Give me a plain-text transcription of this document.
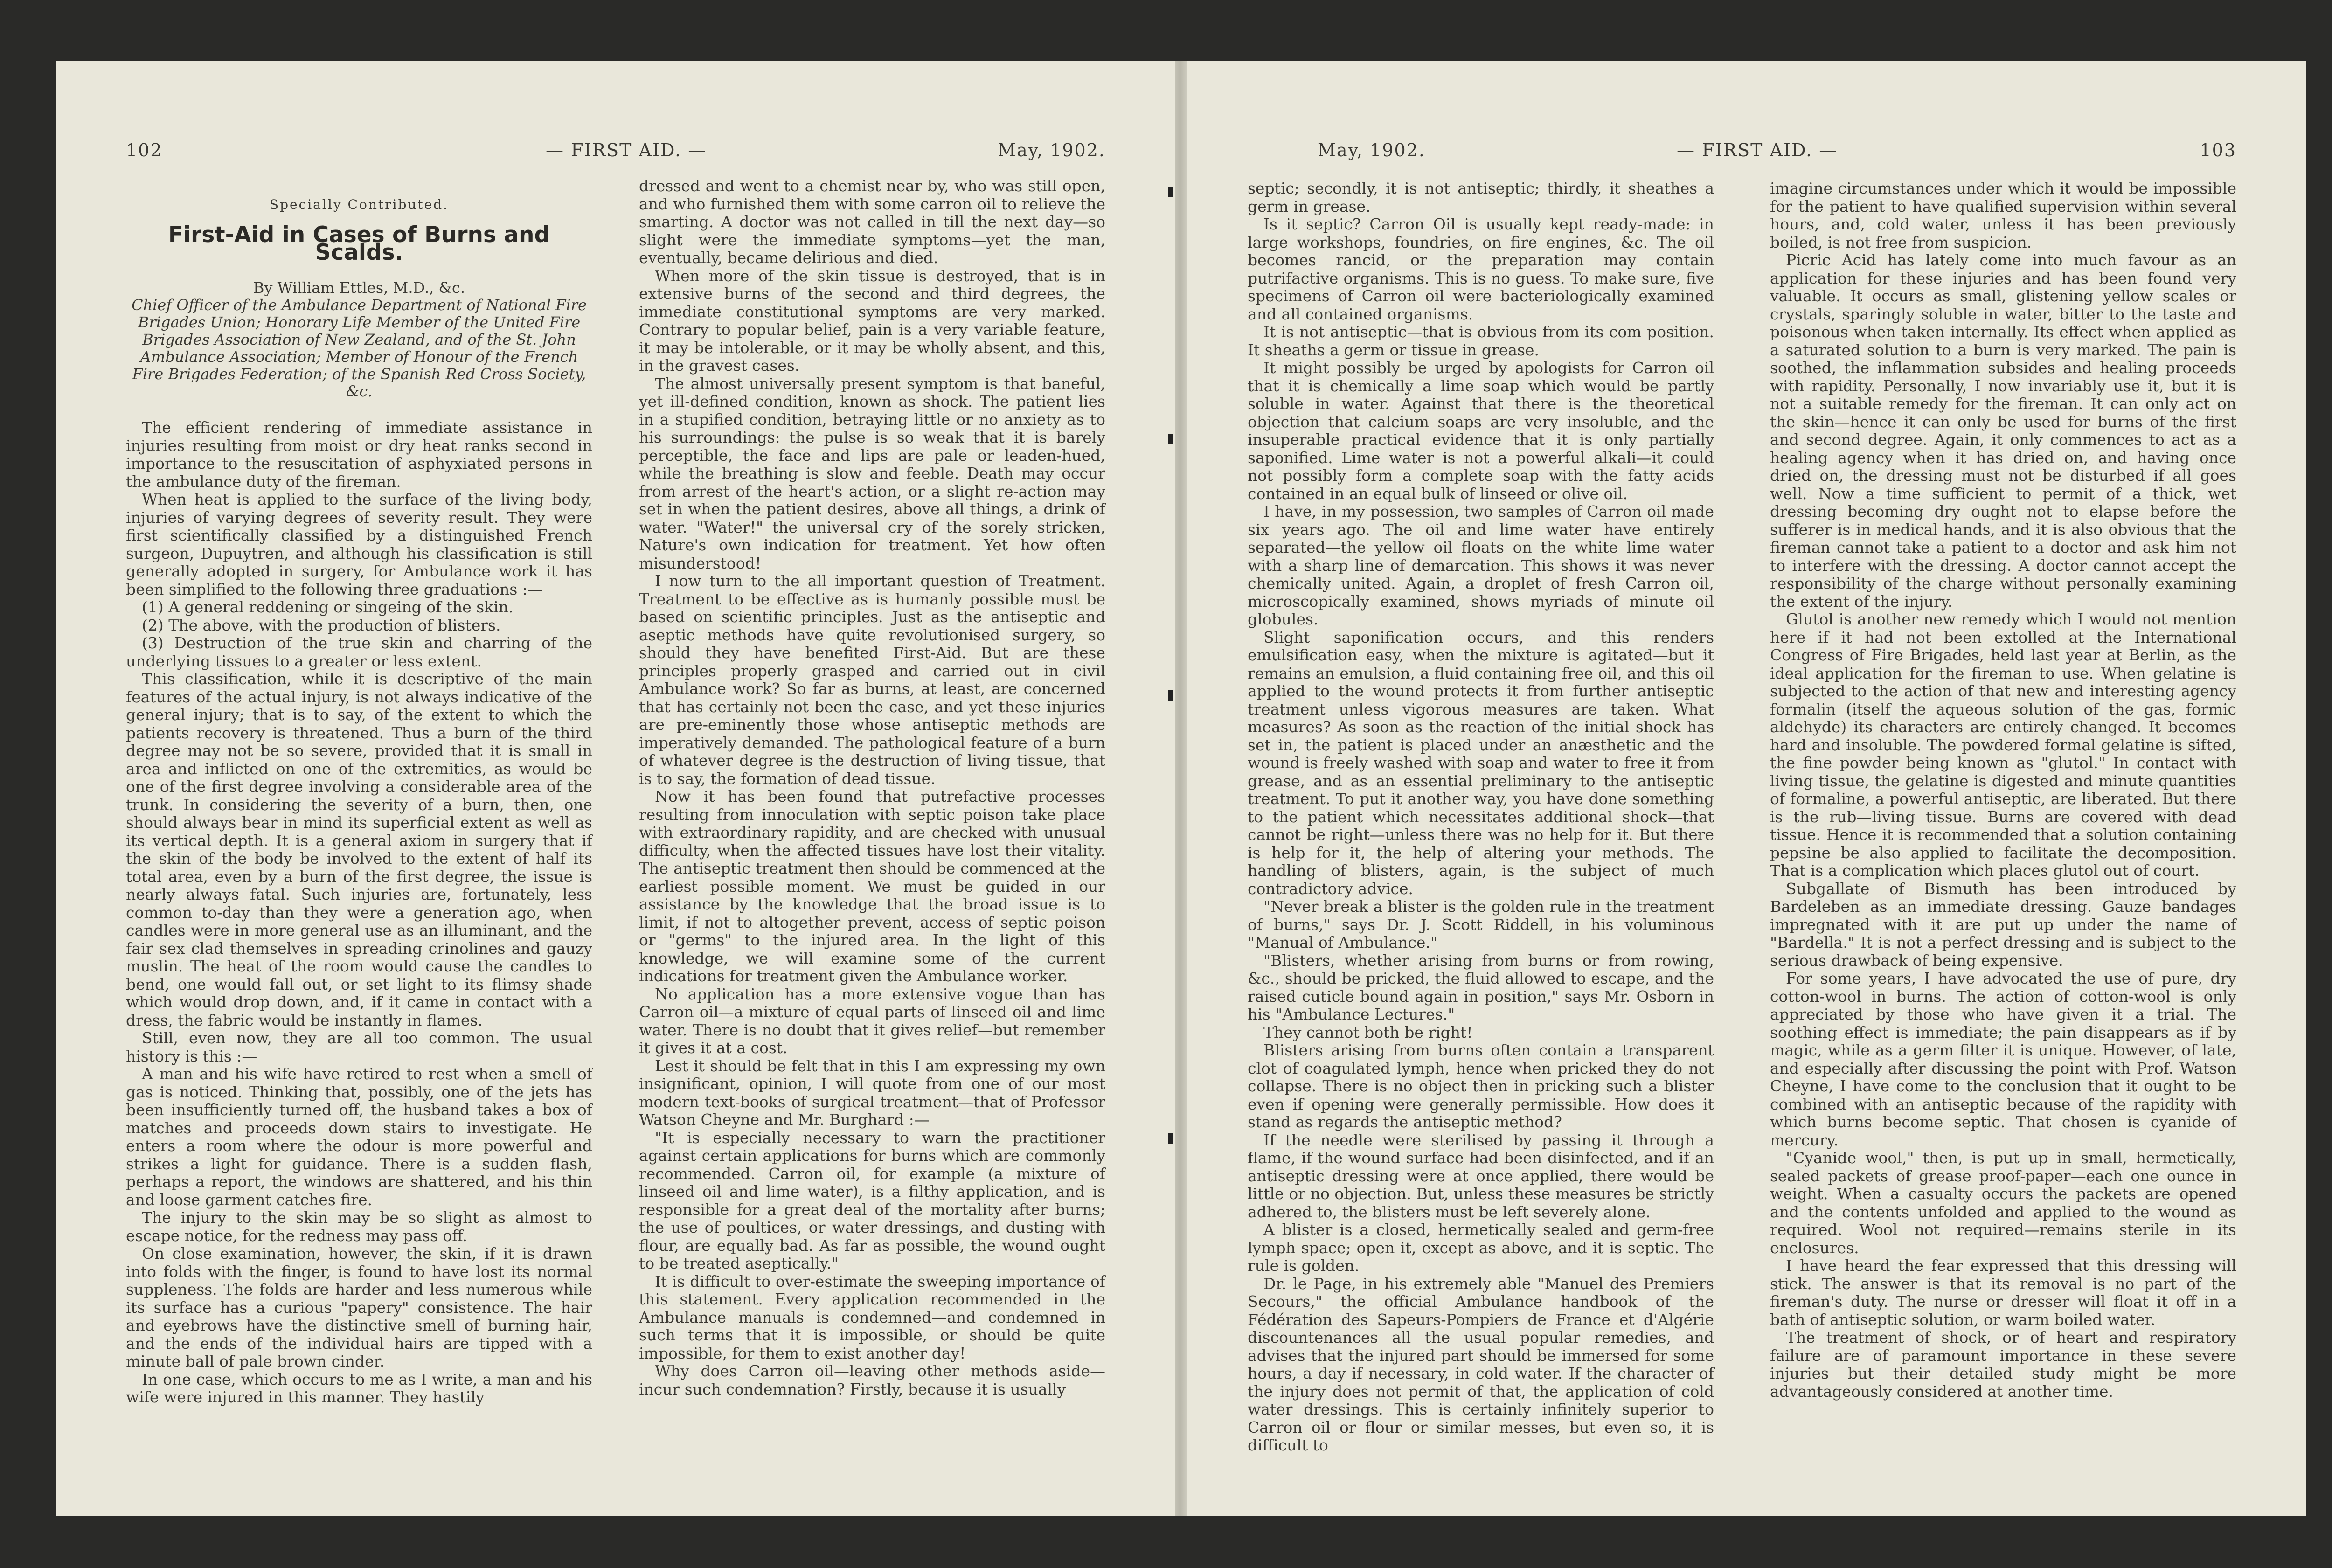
102	— FIRST AID. —	May, 1902.
Specially Contributed.
First-Aid in Cases of Burns and Scalds.
By William Ettles, M.D., &c.
Chief Officer of the Ambulance Department of National Fire Brigades Union; Honorary Life Member of the United Fire Brigades Association of New Zealand, and of the St. John Ambulance Association; Member of Honour of the French Fire Brigades Federation; of the Spanish Red Cross Society, &c.

The efficient rendering of immediate assistance in injuries resulting from moist or dry heat ranks second in importance to the resuscitation of asphyxiated persons in the ambulance duty of the fireman.

When heat is applied to the surface of the living body, injuries of varying degrees of severity result. They were first scientifically classified by a distinguished French surgeon, Dupuytren, and although his classification is still generally adopted in surgery, for Ambulance work it has been simplified to the following three graduations :—

(1) A general reddening or singeing of the skin.

(2) The above, with the production of blisters.

(3) Destruction of the true skin and charring of the underlying tissues to a greater or less extent.

This classification, while it is descriptive of the main features of the actual injury, is not always indicative of the general injury; that is to say, of the extent to which the patients recovery is threatened. Thus a burn of the third degree may not be so severe, provided that it is small in area and inflicted on one of the extremities, as would be one of the first degree involving a considerable area of the trunk. In considering the severity of a burn, then, one should always bear in mind its superficial extent as well as its vertical depth. It is a general axiom in surgery that if the skin of the body be involved to the extent of half its total area, even by a burn of the first degree, the issue is nearly always fatal. Such injuries are, fortunately, less common to-day than they were a generation ago, when candles were in more general use as an illuminant, and the fair sex clad themselves in spreading crinolines and gauzy muslin. The heat of the room would cause the candles to bend, one would fall out, or set light to its flimsy shade which would drop down, and, if it came in contact with a dress, the fabric would be instantly in flames.

Still, even now, they are all too common. The usual history is this :—

A man and his wife have retired to rest when a smell of gas is noticed. Thinking that, possibly, one of the jets has been insufficiently turned off, the husband takes a box of matches and proceeds down stairs to investigate. He enters a room where the odour is more powerful and strikes a light for guidance. There is a sudden flash, perhaps a report, the windows are shattered, and his thin and loose garment catches fire.

The injury to the skin may be so slight as almost to escape notice, for the redness may pass off.

On close examination, however, the skin, if it is drawn into folds with the finger, is found to have lost its normal suppleness. The folds are harder and less numerous while its surface has a curious "papery" consistence. The hair and eyebrows have the distinctive smell of burning hair, and the ends of the individual hairs are tipped with a minute ball of pale brown cinder.

In one case, which occurs to me as I write, a man and his wife were injured in this manner. They hastily

dressed and went to a chemist near by, who was still open, and who furnished them with some carron oil to relieve the smarting. A doctor was not called in till the next day—so slight were the immediate symptoms—yet the man, eventually, became delirious and died.

When more of the skin tissue is destroyed, that is in extensive burns of the second and third degrees, the immediate constitutional symptoms are very marked. Contrary to popular belief, pain is a very variable feature, it may be intolerable, or it may be wholly absent, and this, in the gravest cases.

The almost universally present symptom is that baneful, yet ill-defined condition, known as shock. The patient lies in a stupified condition, betraying little or no anxiety as to his surroundings: the pulse is so weak that it is barely perceptible, the face and lips are pale or leaden-hued, while the breathing is slow and feeble. Death may occur from arrest of the heart's action, or a slight re-action may set in when the patient desires, above all things, a drink of water. "Water!" the universal cry of the sorely stricken, Nature's own indication for treatment. Yet how often misunderstood!

I now turn to the all important question of Treatment. Treatment to be effective as is humanly possible must be based on scientific principles. Just as the antiseptic and aseptic methods have quite revolutionised surgery, so should they have benefited First-Aid. But are these principles properly grasped and carried out in civil Ambulance work? So far as burns, at least, are concerned that has certainly not been the case, and yet these injuries are pre-eminently those whose antiseptic methods are imperatively demanded. The pathological feature of a burn of whatever degree is the destruction of living tissue, that is to say, the formation of dead tissue.

Now it has been found that putrefactive processes resulting from innoculation with septic poison take place with extraordinary rapidity, and are checked with unusual difficulty, when the affected tissues have lost their vitality. The antiseptic treatment then should be commenced at the earliest possible moment. We must be guided in our assistance by the knowledge that the broad issue is to limit, if not to altogether prevent, access of septic poison or "germs" to the injured area. In the light of this knowledge, we will examine some of the current indications for treatment given the Ambulance worker.

No application has a more extensive vogue than has Carron oil—a mixture of equal parts of linseed oil and lime water. There is no doubt that it gives relief—but remember it gives it at a cost.

Lest it should be felt that in this I am expressing my own insignificant, opinion, I will quote from one of our most modern text-books of surgical treatment—that of Professor Watson Cheyne and Mr. Burghard :—

"It is especially necessary to warn the practitioner against certain applications for burns which are commonly recommended. Carron oil, for example (a mixture of linseed oil and lime water), is a filthy application, and is responsible for a great deal of the mortality after burns; the use of poultices, or water dressings, and dusting with flour, are equally bad. As far as possible, the wound ought to be treated aseptically."

It is difficult to over-estimate the sweeping importance of this statement. Every application recommended in the Ambulance manuals is condemned—and condemned in such terms that it is impossible, or should be quite impossible, for them to exist another day!

Why does Carron oil—leaving other methods aside—incur such condemnation? Firstly, because it is usually

May, 1902.	— FIRST AID. —	103

septic; secondly, it is not antiseptic; thirdly, it sheathes a germ in grease.

Is it septic? Carron Oil is usually kept ready-made: in large workshops, foundries, on fire engines, &c. The oil becomes rancid, or the preparation may contain putrifactive organisms. This is no guess. To make sure, five specimens of Carron oil were bacteriologically examined and all contained organisms.

It is not antiseptic—that is obvious from its com position. It sheaths a germ or tissue in grease.

It might possibly be urged by apologists for Carron oil that it is chemically a lime soap which would be partly soluble in water. Against that there is the theoretical objection that calcium soaps are very insoluble, and the insuperable practical evidence that it is only partially saponified. Lime water is not a powerful alkali—it could not possibly form a complete soap with the fatty acids contained in an equal bulk of linseed or olive oil.

I have, in my possession, two samples of Carron oil made six years ago. The oil and lime water have entirely separated—the yellow oil floats on the white lime water with a sharp line of demarcation. This shows it was never chemically united. Again, a droplet of fresh Carron oil, microscopically examined, shows myriads of minute oil globules.

Slight saponification occurs, and this renders emulsification easy, when the mixture is agitated—but it remains an emulsion, a fluid containing free oil, and this oil applied to the wound protects it from further antiseptic treatment unless vigorous measures are taken. What measures? As soon as the reaction of the initial shock has set in, the patient is placed under an anæsthetic and the wound is freely washed with soap and water to free it from grease, and as an essential preliminary to the antiseptic treatment. To put it another way, you have done something to the patient which necessitates additional shock—that cannot be right—unless there was no help for it. But there is help for it, the help of altering your methods. The handling of blisters, again, is the subject of much contradictory advice.

"Never break a blister is the golden rule in the treatment of burns," says Dr. J. Scott Riddell, in his voluminous "Manual of Ambulance."

"Blisters, whether arising from burns or from rowing, &c., should be pricked, the fluid allowed to escape, and the raised cuticle bound again in position," says Mr. Osborn in his "Ambulance Lectures."

They cannot both be right!

Blisters arising from burns often contain a transparent clot of coagulated lymph, hence when pricked they do not collapse. There is no object then in pricking such a blister even if opening were generally permissible. How does it stand as regards the antiseptic method?

If the needle were sterilised by passing it through a flame, if the wound surface had been disinfected, and if an antiseptic dressing were at once applied, there would be little or no objection. But, unless these measures be strictly adhered to, the blisters must be left severely alone.

A blister is a closed, hermetically sealed and germ-free lymph space; open it, except as above, and it is septic. The rule is golden.

Dr. le Page, in his extremely able "Manuel des Premiers Secours," the official Ambulance handbook of the Fédération des Sapeurs-Pompiers de France et d'Algérie discountenances all the usual popular remedies, and advises that the injured part should be immersed for some hours, a day if necessary, in cold water. If the character of the injury does not permit of that, the application of cold water dressings. This is certainly infinitely superior to Carron oil or flour or similar messes, but even so, it is difficult to

imagine circumstances under which it would be impossible for the patient to have qualified supervision within several hours, and, cold water, unless it has been previously boiled, is not free from suspicion.

Picric Acid has lately come into much favour as an application for these injuries and has been found very valuable. It occurs as small, glistening yellow scales or crystals, sparingly soluble in water, bitter to the taste and poisonous when taken internally. Its effect when applied as a saturated solution to a burn is very marked. The pain is soothed, the inflammation subsides and healing proceeds with rapidity. Personally, I now invariably use it, but it is not a suitable remedy for the fireman. It can only act on the skin—hence it can only be used for burns of the first and second degree. Again, it only commences to act as a healing agency when it has dried on, and having once dried on, the dressing must not be disturbed if all goes well. Now a time sufficient to permit of a thick, wet dressing becoming dry ought not to elapse before the sufferer is in medical hands, and it is also obvious that the fireman cannot take a patient to a doctor and ask him not to interfere with the dressing. A doctor cannot accept the responsibility of the charge without personally examining the extent of the injury.

Glutol is another new remedy which I would not mention here if it had not been extolled at the International Congress of Fire Brigades, held last year at Berlin, as the ideal application for the fireman to use. When gelatine is subjected to the action of that new and interesting agency formalin (itself the aqueous solution of the gas, formic aldehyde) its characters are entirely changed. It becomes hard and insoluble. The powdered formal gelatine is sifted, the fine powder being known as "glutol." In contact with living tissue, the gelatine is digested and minute quantities of formaline, a powerful antiseptic, are liberated. But there is the rub—living tissue. Burns are covered with dead tissue. Hence it is recommended that a solution containing pepsine be also applied to facilitate the decomposition. That is a complication which places glutol out of court.

Subgallate of Bismuth has been introduced by Bardeleben as an immediate dressing. Gauze bandages impregnated with it are put up under the name of "Bardella." It is not a perfect dressing and is subject to the serious drawback of being expensive.

For some years, I have advocated the use of pure, dry cotton-wool in burns. The action of cotton-wool is only appreciated by those who have given it a trial. The soothing effect is immediate; the pain disappears as if by magic, while as a germ filter it is unique. However, of late, and especially after discussing the point with Prof. Watson Cheyne, I have come to the conclusion that it ought to be combined with an antiseptic because of the rapidity with which burns become septic. That chosen is cyanide of mercury.

"Cyanide wool," then, is put up in small, hermetically, sealed packets of grease proof-paper—each one ounce in weight. When a casualty occurs the packets are opened and the contents unfolded and applied to the wound as required. Wool not required—remains sterile in its enclosures.

I have heard the fear expressed that this dressing will stick. The answer is that its removal is no part of the fireman's duty. The nurse or dresser will float it off in a bath of antiseptic solution, or warm boiled water.

The treatment of shock, or of heart and respiratory failure are of paramount importance in these severe injuries but their detailed study might be more advantageously considered at another time.
